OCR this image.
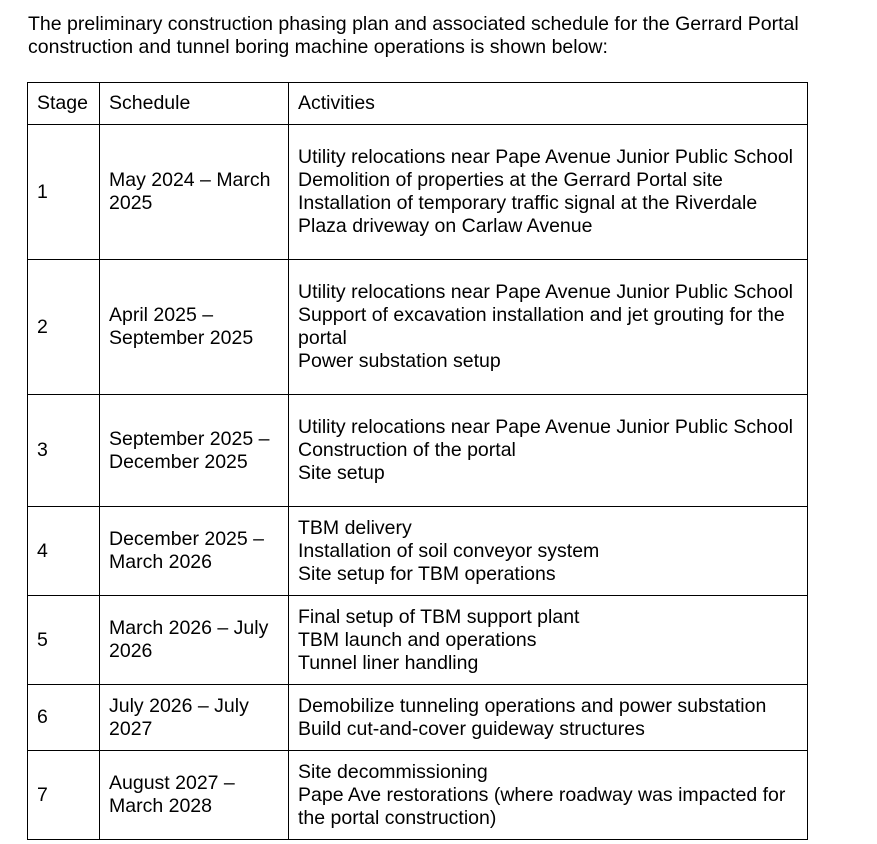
The preliminary construction phasing plan and associated schedule for the Gerrard Portal construction and tunnel boring machine operations is shown below:

Stage	Schedule	Activities
1	May 2024 – March 2025	Utility relocations near Pape Avenue Junior Public School
Demolition of properties at the Gerrard Portal site
Installation of temporary traffic signal at the Riverdale Plaza driveway on Carlaw Avenue

2	April 2025 – September 2025	Utility relocations near Pape Avenue Junior Public School
Support of excavation installation and jet grouting for the portal
Power substation setup

3	September 2025 – December 2025	Utility relocations near Pape Avenue Junior Public School
Construction of the portal
Site setup

4	December 2025 – March 2026	TBM delivery
Installation of soil conveyor system
Site setup for TBM operations

5	March 2026 – July 2026	Final setup of TBM support plant
TBM launch and operations
Tunnel liner handling

6	July 2026 – July 2027	Demobilize tunneling operations and power substation
Build cut-and-cover guideway structures

7	August 2027 – March 2028	Site decommissioning
Pape Ave restorations (where roadway was impacted for the portal construction)
